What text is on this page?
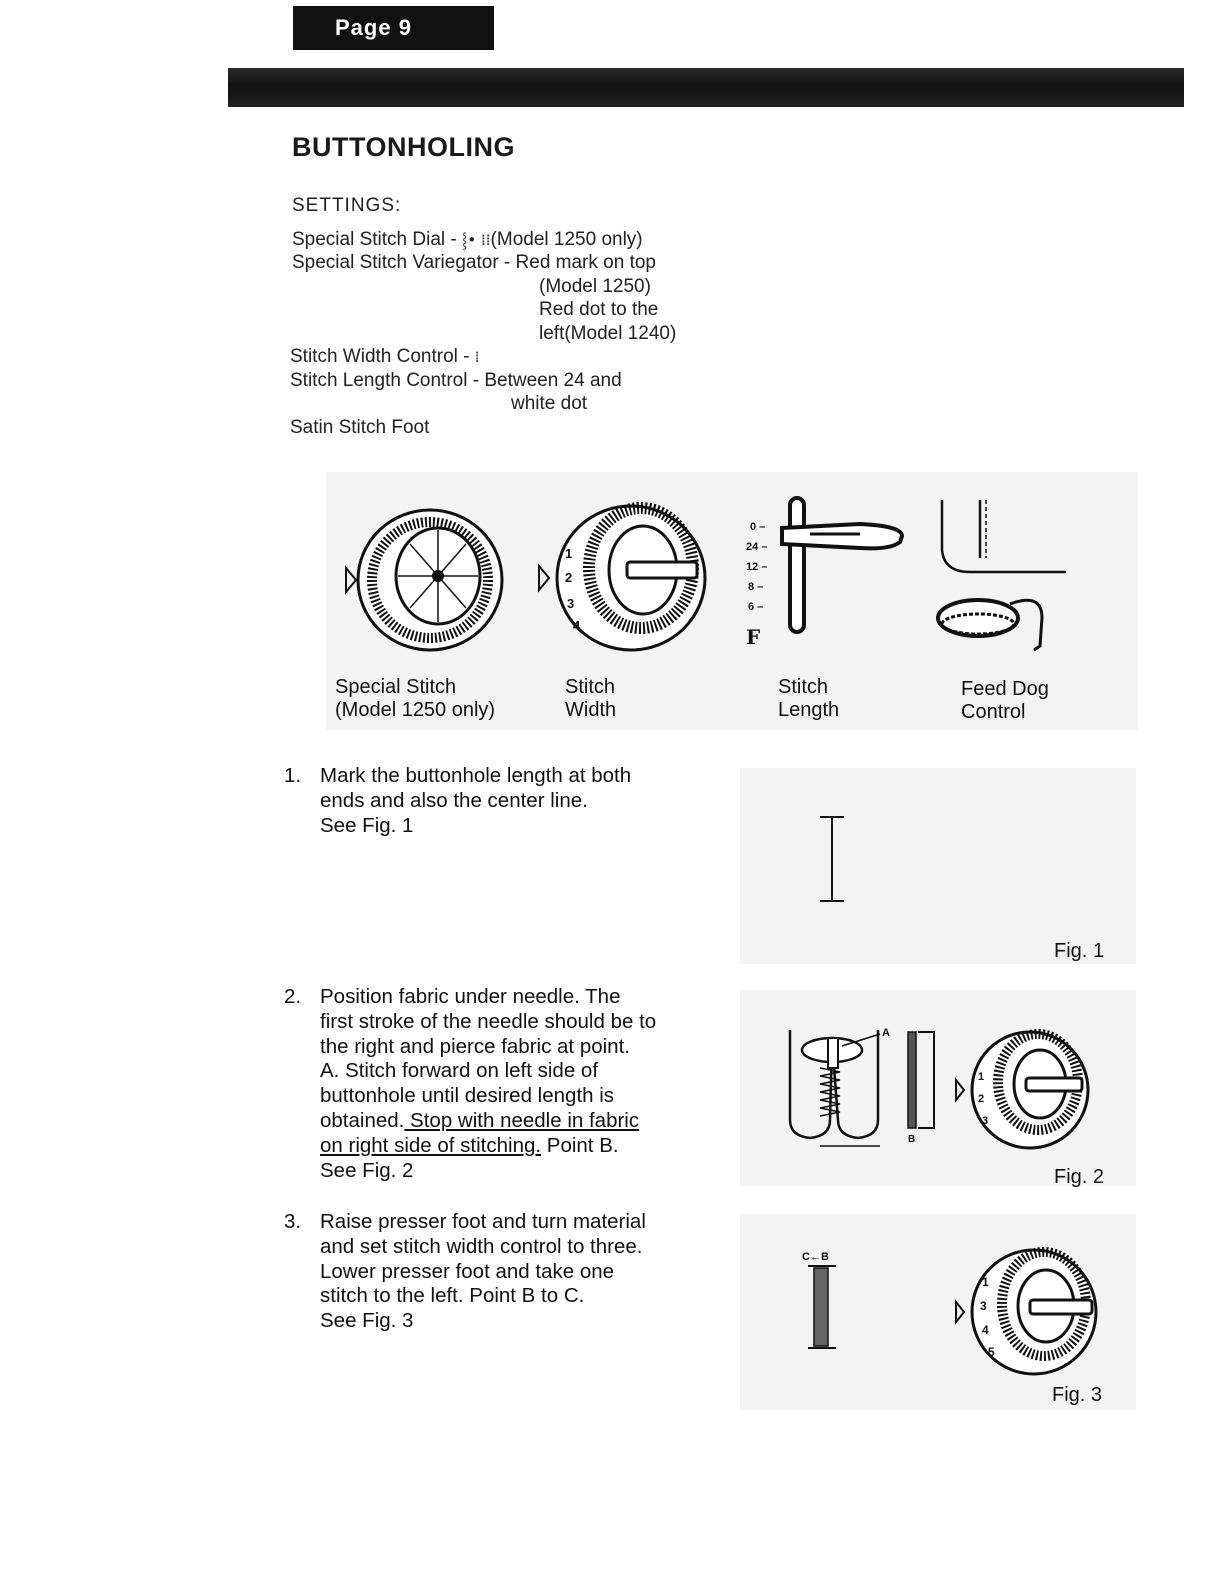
Page 9
BUTTONHOLING
SETTINGS:
Special Stitch Dial - ⸾• ⁞⁞(Model 1250 only)
Special Stitch Variegator - Red mark on top
(Model 1250)
Red dot to the
left(Model 1240)
Stitch Width Control - ⁞
Stitch Length Control - Between 24 and
white dot
Satin Stitch Foot
1
2
3
4
0 –
24 –
12 –
8 –
6 –
F
Special Stitch
(Model 1250 only)
Stitch
Width
Stitch
Length
Feed Dog
Control
1. Mark the buttonhole length at both
ends and also the center line.
See Fig. 1
Fig. 1
2. Position fabric under needle. The
first stroke of the needle should be to
the right and pierce fabric at point.
A. Stitch forward on left side of
buttonhole until desired length is
obtained. Stop with needle in fabric
on right side of stitching. Point B.
See Fig. 2
A
B
1
2
3
Fig. 2
3. Raise presser foot and turn material
and set stitch width control to three.
Lower presser foot and take one
stitch to the left. Point B to C.
See Fig. 3
C←B
1
3
4
5
Fig. 3
